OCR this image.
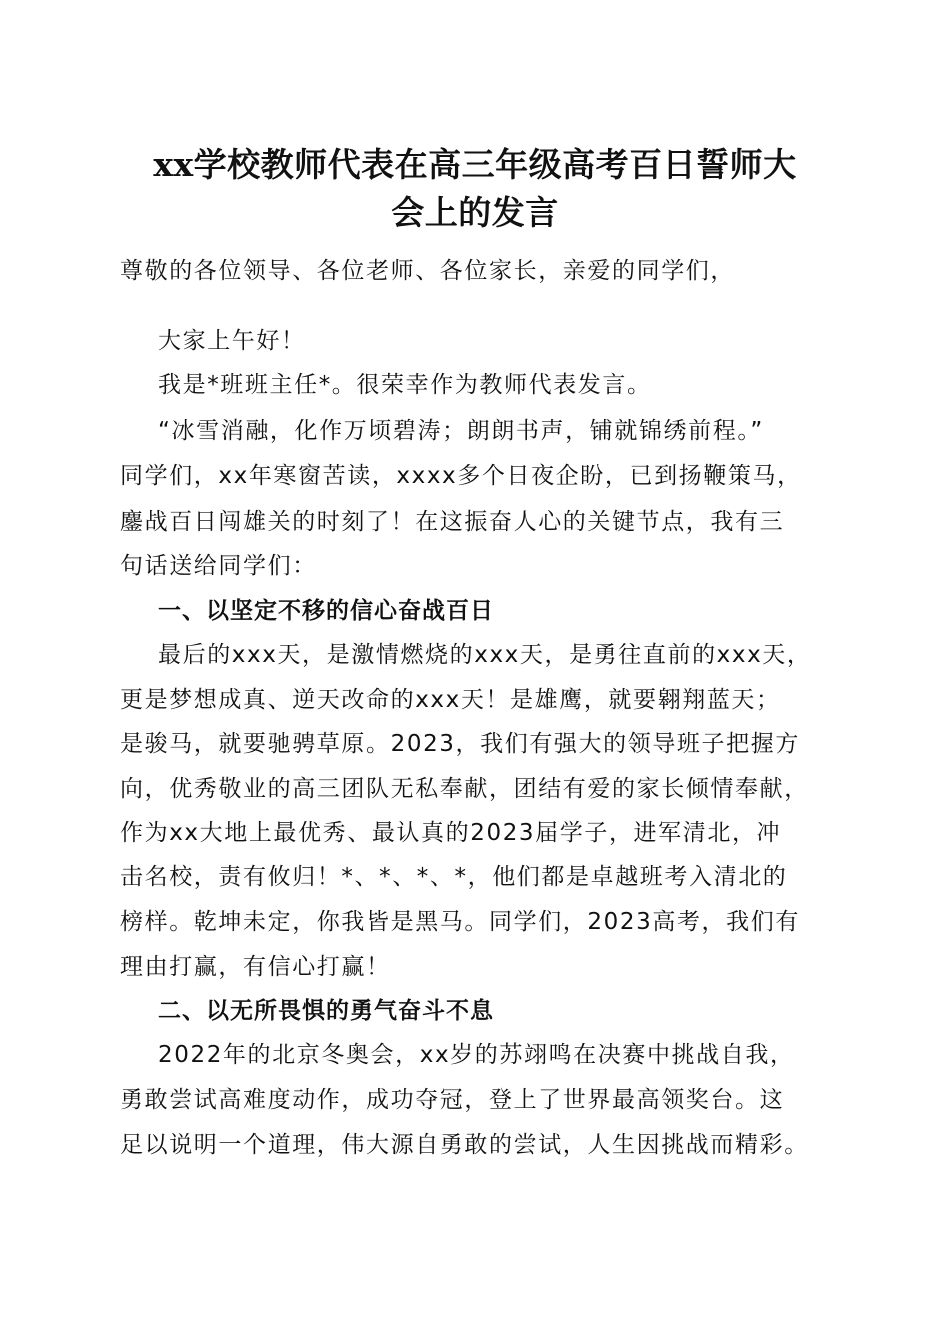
xx学校教师代表在高三年级高考百日誓师大
会上的发言
尊敬的各位领导、各位老师、各位家长，亲爱的同学们，
大家上午好！
我是*班班主任*。很荣幸作为教师代表发言。
“冰雪消融，化作万顷碧涛；朗朗书声，铺就锦绣前程。”
同学们，xx年寒窗苦读，xxxx多个日夜企盼，已到扬鞭策马，
鏖战百日闯雄关的时刻了！在这振奋人心的关键节点，我有三
句话送给同学们：
一、以坚定不移的信心奋战百日
最后的xxx天，是激情燃烧的xxx天，是勇往直前的xxx天，
更是梦想成真、逆天改命的xxx天！是雄鹰，就要翱翔蓝天；
是骏马，就要驰骋草原。2023，我们有强大的领导班子把握方
向，优秀敬业的高三团队无私奉献，团结有爱的家长倾情奉献，
作为xx大地上最优秀、最认真的2023届学子，进军清北，冲
击名校，责有攸归！*、*、*、*，他们都是卓越班考入清北的
榜样。乾坤未定，你我皆是黑马。同学们，2023高考，我们有
理由打赢，有信心打赢！
二、以无所畏惧的勇气奋斗不息
2022年的北京冬奥会，xx岁的苏翊鸣在决赛中挑战自我，
勇敢尝试高难度动作，成功夺冠，登上了世界最高领奖台。这
足以说明一个道理，伟大源自勇敢的尝试，人生因挑战而精彩。
